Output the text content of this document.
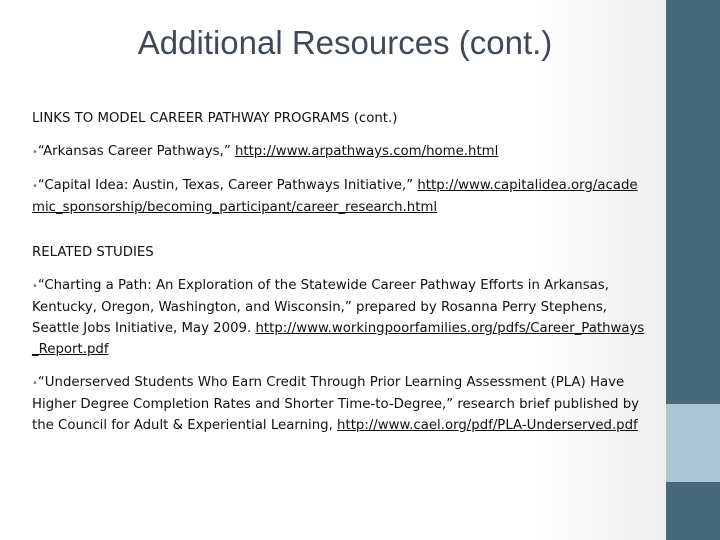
Additional Resources (cont.)
LINKS TO MODEL CAREER PATHWAY PROGRAMS (cont.)
•“Arkansas Career Pathways,” http://www.arpathways.com/home.html
•“Capital Idea: Austin, Texas, Career Pathways Initiative,” http://www.capitalidea.org/academic_sponsorship/becoming_participant/career_research.html
RELATED STUDIES
•“Charting a Path: An Exploration of the Statewide Career Pathway Efforts in Arkansas, Kentucky, Oregon, Washington, and Wisconsin,” prepared by Rosanna Perry Stephens, Seattle Jobs Initiative, May 2009. http://www.workingpoorfamilies.org/pdfs/Career_Pathways_Report.pdf
•“Underserved Students Who Earn Credit Through Prior Learning Assessment (PLA) Have Higher Degree Completion Rates and Shorter Time-to-Degree,” research brief published by the Council for Adult & Experiential Learning, http://www.cael.org/pdf/PLA-Underserved.pdf
